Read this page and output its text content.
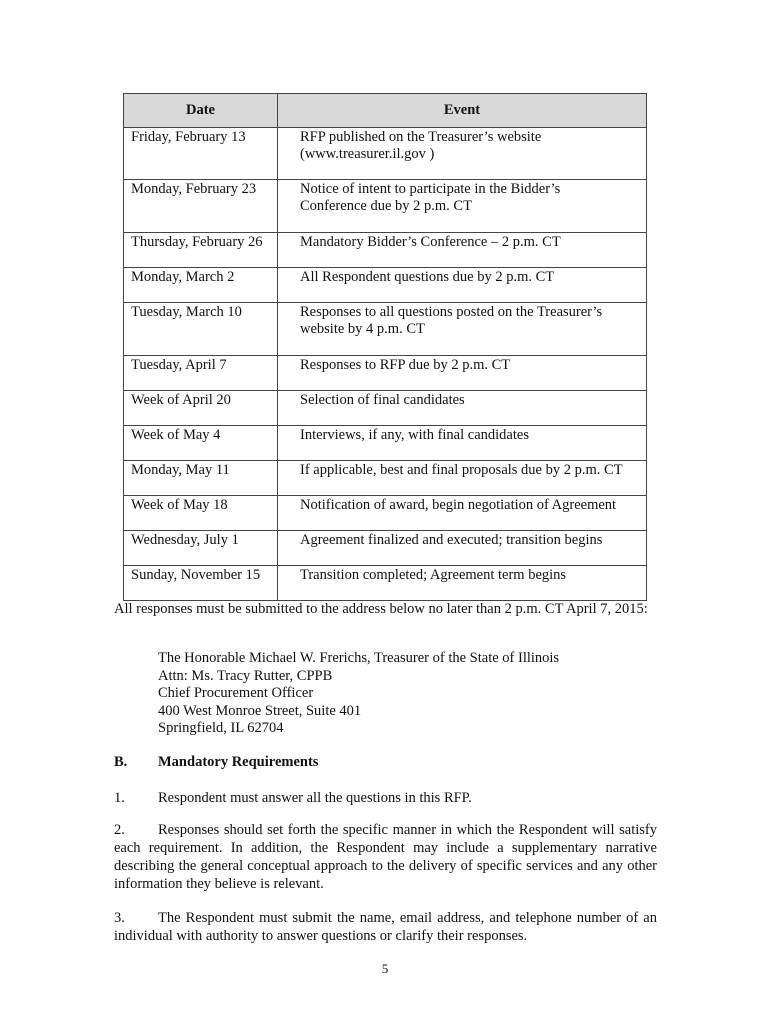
Date	Event
Friday, February 13	RFP published on the Treasurer’s website
(www.treasurer.il.gov )

Monday, February 23	Notice of intent to participate in the Bidder’s
Conference due by 2 p.m. CT

Thursday, February 26	Mandatory Bidder’s Conference – 2 p.m. CT

Monday, March 2	All Respondent questions due by 2 p.m. CT

Tuesday, March 10	Responses to all questions posted on the Treasurer’s
website by 4 p.m. CT

Tuesday, April 7	Responses to RFP due by 2 p.m. CT

Week of April 20	Selection of final candidates

Week of May 4	Interviews, if any, with final candidates

Monday, May 11	If applicable, best and final proposals due by 2 p.m. CT

Week of May 18	Notification of award, begin negotiation of Agreement

Wednesday, July 1	Agreement finalized and executed; transition begins

Sunday, November 15	Transition completed; Agreement term begins

All responses must be submitted to the address below no later than 2 p.m. CT April 7, 2015:

The Honorable Michael W. Frerichs, Treasurer of the State of Illinois
Attn: Ms. Tracy Rutter, CPPB
Chief Procurement Officer
400 West Monroe Street, Suite 401
Springfield, IL 62704
B. Mandatory Requirements

1. Respondent must answer all the questions in this RFP.

2. Responses should set forth the specific manner in which the Respondent will satisfy each requirement. In addition, the Respondent may include a supplementary narrative describing the general conceptual approach to the delivery of specific services and any other information they believe is relevant.

3. The Respondent must submit the name, email address, and telephone number of an individual with authority to answer questions or clarify their responses.

5
